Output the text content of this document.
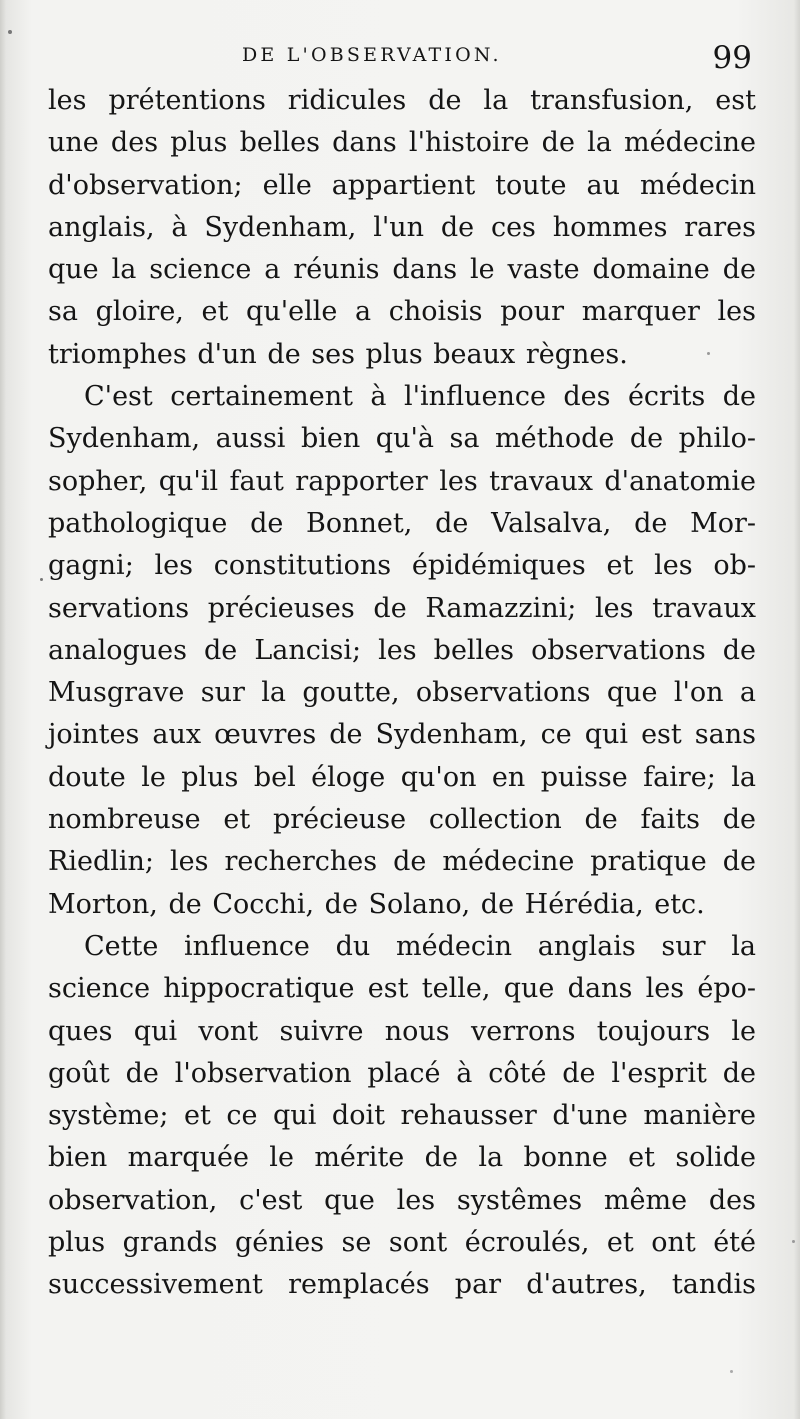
DE L'OBSERVATION.	99
les prétentions ridicules de la transfusion, est
une des plus belles dans l'histoire de la médecine
d'observation; elle appartient toute au médecin
anglais, à Sydenham, l'un de ces hommes rares
que la science a réunis dans le vaste domaine de
sa gloire, et qu'elle a choisis pour marquer les
triomphes d'un de ses plus beaux règnes.
C'est certainement à l'influence des écrits de
Sydenham, aussi bien qu'à sa méthode de philo-
sopher, qu'il faut rapporter les travaux d'anatomie
pathologique de Bonnet, de Valsalva, de Mor-
gagni; les constitutions épidémiques et les ob-
servations précieuses de Ramazzini; les travaux
analogues de Lancisi; les belles observations de
Musgrave sur la goutte, observations que l'on a
jointes aux œuvres de Sydenham, ce qui est sans
doute le plus bel éloge qu'on en puisse faire; la
nombreuse et précieuse collection de faits de
Riedlin; les recherches de médecine pratique de
Morton, de Cocchi, de Solano, de Hérédia, etc.
Cette influence du médecin anglais sur la
science hippocratique est telle, que dans les épo-
ques qui vont suivre nous verrons toujours le
goût de l'observation placé à côté de l'esprit de
système; et ce qui doit rehausser d'une manière
bien marquée le mérite de la bonne et solide
observation, c'est que les systêmes même des
plus grands génies se sont écroulés, et ont été
successivement remplacés par d'autres, tandis
